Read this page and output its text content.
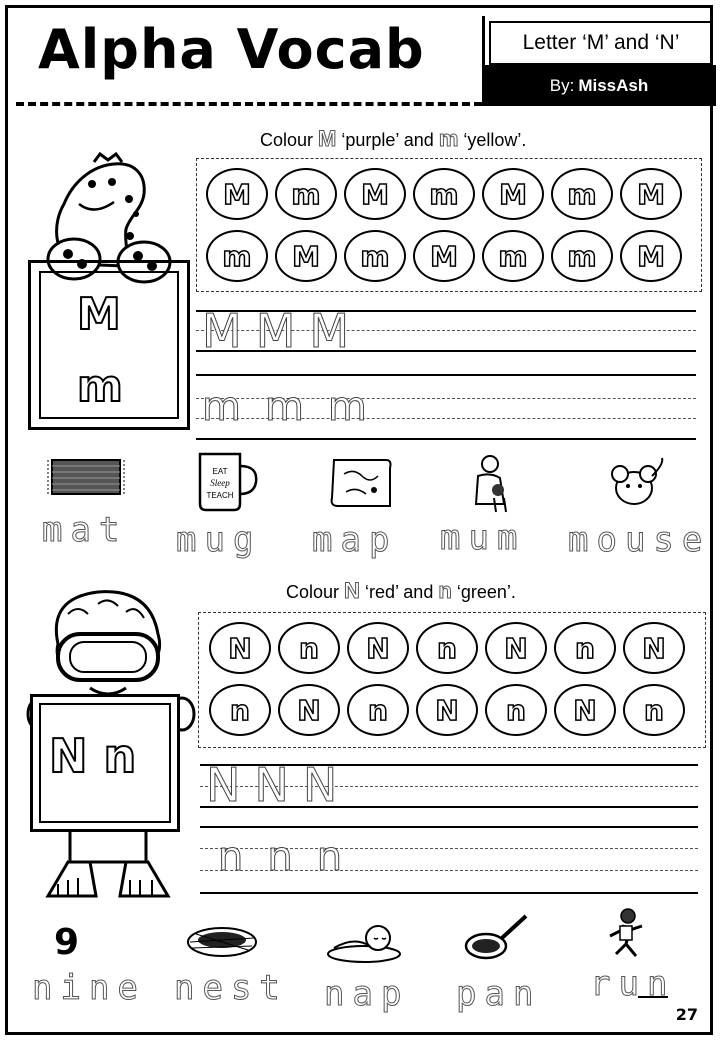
Alpha Vocab	Letter ‘M’ and ‘N’
By: MissAsh
Colour M ‘purple’ and m ‘yellow’.
M
m
M	m	M	m	M	m	M
m	M	m	M	m	m	M
MMM
mmm
EAT
Sleep
TEACH
mat mug map mum mouse
Colour N ‘red’ and n ‘green’.
N n
N	n	N	n	N	n	N
n	N	n	N	n	N	n
NNN
nnn
9
nine nest nap pan run
27
